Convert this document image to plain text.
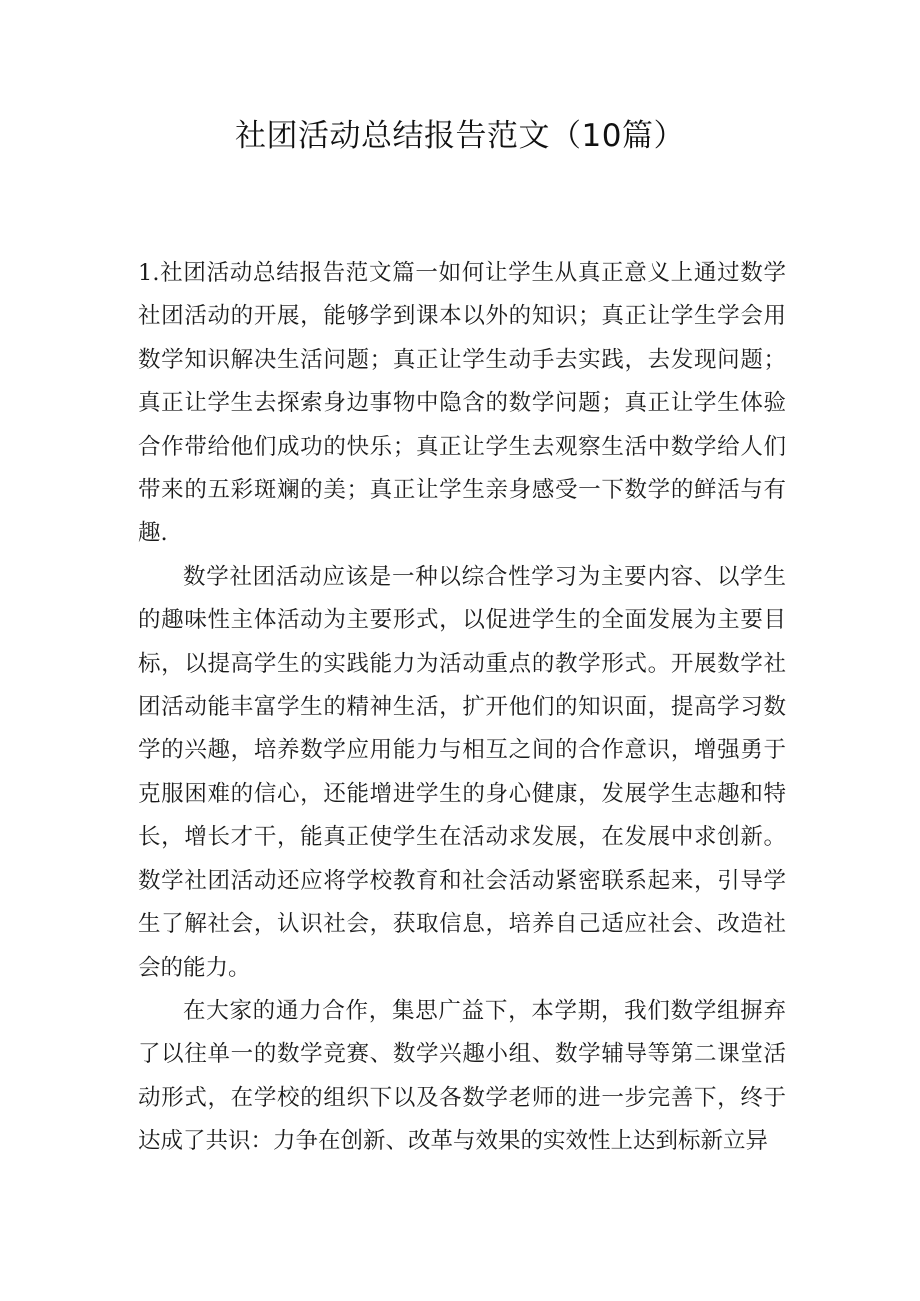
社团活动总结报告范文（10篇）

1.社团活动总结报告范文篇一如何让学生从真正意义上通过数学社团活动的开展，能够学到课本以外的知识；真正让学生学会用数学知识解决生活问题；真正让学生动手去实践，去发现问题；真正让学生去探索身边事物中隐含的数学问题；真正让学生体验合作带给他们成功的快乐；真正让学生去观察生活中数学给人们带来的五彩斑斓的美；真正让学生亲身感受一下数学的鲜活与有趣.

数学社团活动应该是一种以综合性学习为主要内容、以学生的趣味性主体活动为主要形式，以促进学生的全面发展为主要目标，以提高学生的实践能力为活动重点的教学形式。开展数学社团活动能丰富学生的精神生活，扩开他们的知识面，提高学习数学的兴趣，培养数学应用能力与相互之间的合作意识，增强勇于克服困难的信心，还能增进学生的身心健康，发展学生志趣和特长，增长才干，能真正使学生在活动求发展，在发展中求创新。数学社团活动还应将学校教育和社会活动紧密联系起来，引导学生了解社会，认识社会，获取信息，培养自己适应社会、改造社会的能力。

在大家的通力合作，集思广益下，本学期，我们数学组摒弃了以往单一的数学竞赛、数学兴趣小组、数学辅导等第二课堂活动形式，在学校的组织下以及各数学老师的进一步完善下，终于达成了共识：力争在创新、改革与效果的实效性上达到标新立异
